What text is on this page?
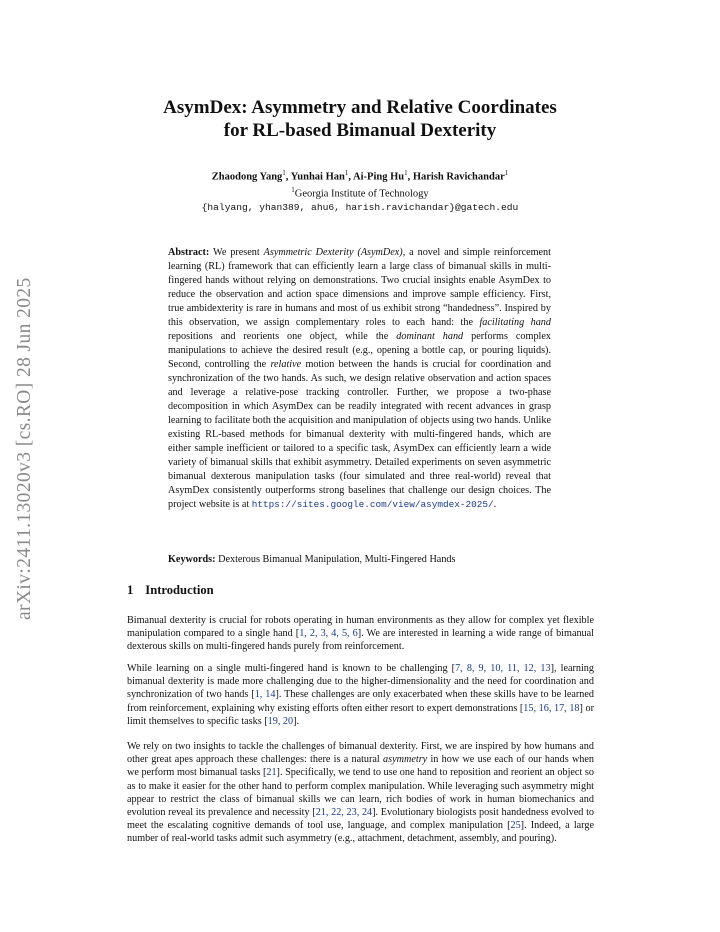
arXiv:2411.13020v3 [cs.RO] 28 Jun 2025
AsymDex: Asymmetry and Relative Coordinates
for RL-based Bimanual Dexterity
Zhaodong Yang$^1$, Yunhai Han$^1$, Ai-Ping Hu$^1$, Harish Ravichandar$^1$
$^1$Georgia Institute of Technology
{halyang, yhan389, ahu6, harish.ravichandar}@gatech.edu
Abstract: We present Asymmetric Dexterity (AsymDex), a novel and simple reinforcement learning (RL) framework that can efficiently learn a large class of bimanual skills in multi-fingered hands without relying on demonstrations. Two crucial insights enable AsymDex to reduce the observation and action space dimensions and improve sample efficiency. First, true ambidexterity is rare in humans and most of us exhibit strong “handedness”. Inspired by this observation, we assign complementary roles to each hand: the facilitating hand repositions and reorients one object, while the dominant hand performs complex manipulations to achieve the desired result (e.g., opening a bottle cap, or pouring liquids). Second, controlling the relative motion between the hands is crucial for coordination and synchronization of the two hands. As such, we design relative observation and action spaces and leverage a relative-pose tracking controller. Further, we propose a two-phase decomposition in which AsymDex can be readily integrated with recent advances in grasp learning to facilitate both the acquisition and manipulation of objects using two hands. Unlike existing RL-based methods for bimanual dexterity with multi-fingered hands, which are either sample inefficient or tailored to a specific task, AsymDex can efficiently learn a wide variety of bimanual skills that exhibit asymmetry. Detailed experiments on seven asymmetric bimanual dexterous manipulation tasks (four simulated and three real-world) reveal that AsymDex consistently outperforms strong baselines that challenge our design choices. The project website is at https://sites.google.com/view/asymdex-2025/.
Keywords: Dexterous Bimanual Manipulation, Multi-Fingered Hands
1 Introduction
Bimanual dexterity is crucial for robots operating in human environments as they allow for complex yet flexible manipulation compared to a single hand [1, 2, 3, 4, 5, 6]. We are interested in learning a wide range of bimanual dexterous skills on multi-fingered hands purely from reinforcement.
While learning on a single multi-fingered hand is known to be challenging [7, 8, 9, 10, 11, 12, 13], learning bimanual dexterity is made more challenging due to the higher-dimensionality and the need for coordination and synchronization of two hands [1, 14]. These challenges are only exacerbated when these skills have to be learned from reinforcement, explaining why existing efforts often either resort to expert demonstrations [15, 16, 17, 18] or limit themselves to specific tasks [19, 20].
We rely on two insights to tackle the challenges of bimanual dexterity. First, we are inspired by how humans and other great apes approach these challenges: there is a natural asymmetry in how we use each of our hands when we perform most bimanual tasks [21]. Specifically, we tend to use one hand to reposition and reorient an object so as to make it easier for the other hand to perform complex manipulation. While leveraging such asymmetry might appear to restrict the class of bimanual skills we can learn, rich bodies of work in human biomechanics and evolution reveal its prevalence and necessity [21, 22, 23, 24]. Evolutionary biologists posit handedness evolved to meet the escalating cognitive demands of tool use, language, and complex manipulation [25]. Indeed, a large number of real-world tasks admit such asymmetry (e.g., attachment, detachment, assembly, and pouring).
